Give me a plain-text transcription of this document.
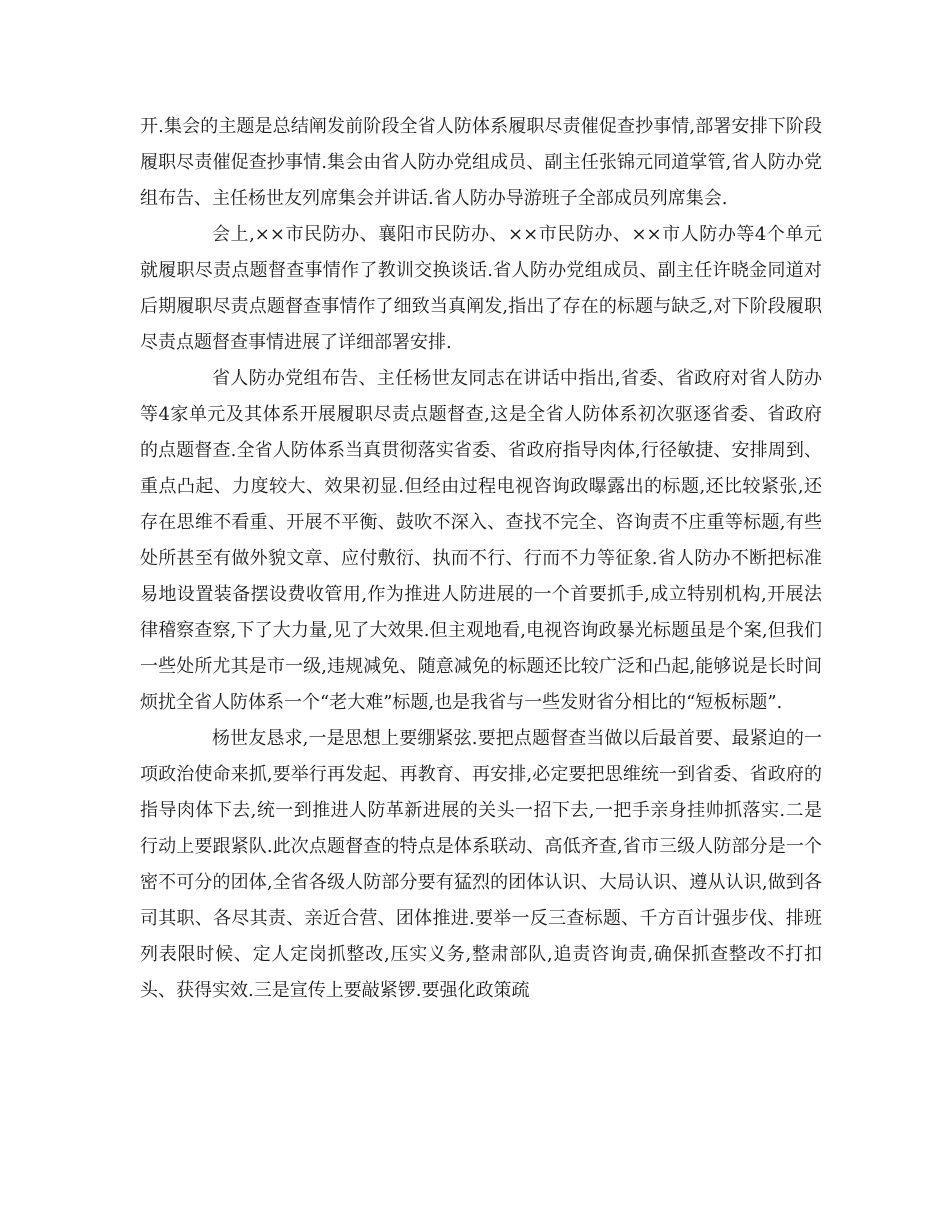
开.集会的主题是总结阐发前阶段全省人防体系履职尽责催促查抄事情,部署安排下阶段履职尽责催促查抄事情.集会由省人防办党组成员、副主任张锦元同道掌管,省人防办党组布告、主任杨世友列席集会并讲话.省人防办导游班子全部成员列席集会.

会上,××市民防办、襄阳市民防办、××市民防办、××市人防办等4个单元就履职尽责点题督查事情作了教训交换谈话.省人防办党组成员、副主任许晓金同道对后期履职尽责点题督查事情作了细致当真阐发,指出了存在的标题与缺乏,对下阶段履职尽责点题督查事情进展了详细部署安排.

省人防办党组布告、主任杨世友同志在讲话中指出,省委、省政府对省人防办等4家单元及其体系开展履职尽责点题督查,这是全省人防体系初次驱逐省委、省政府的点题督查.全省人防体系当真贯彻落实省委、省政府指导肉体,行径敏捷、安排周到、重点凸起、力度较大、效果初显.但经由过程电视咨询政曝露出的标题,还比较紧张,还存在思维不看重、开展不平衡、鼓吹不深入、查找不完全、咨询责不庄重等标题,有些处所甚至有做外貌文章、应付敷衍、执而不行、行而不力等征象.省人防办不断把标准易地设置装备摆设费收管用,作为推进人防进展的一个首要抓手,成立特别机构,开展法律稽察查察,下了大力量,见了大效果.但主观地看,电视咨询政暴光标题虽是个案,但我们一些处所尤其是市一级,违规减免、随意减免的标题还比较广泛和凸起,能够说是长时间烦扰全省人防体系一个“老大难”标题,也是我省与一些发财省分相比的“短板标题”.

杨世友恳求,一是思想上要绷紧弦.要把点题督查当做以后最首要、最紧迫的一项政治使命来抓,要举行再发起、再教育、再安排,必定要把思维统一到省委、省政府的指导肉体下去,统一到推进人防革新进展的关头一招下去,一把手亲身挂帅抓落实.二是行动上要跟紧队.此次点题督查的特点是体系联动、高低齐查,省市三级人防部分是一个密不可分的团体,全省各级人防部分要有猛烈的团体认识、大局认识、遵从认识,做到各司其职、各尽其责、亲近合营、团体推进.要举一反三查标题、千方百计强步伐、排班列表限时候、定人定岗抓整改,压实义务,整肃部队,追责咨询责,确保抓查整改不打扣头、获得实效.三是宣传上要敲紧锣.要强化政策疏
